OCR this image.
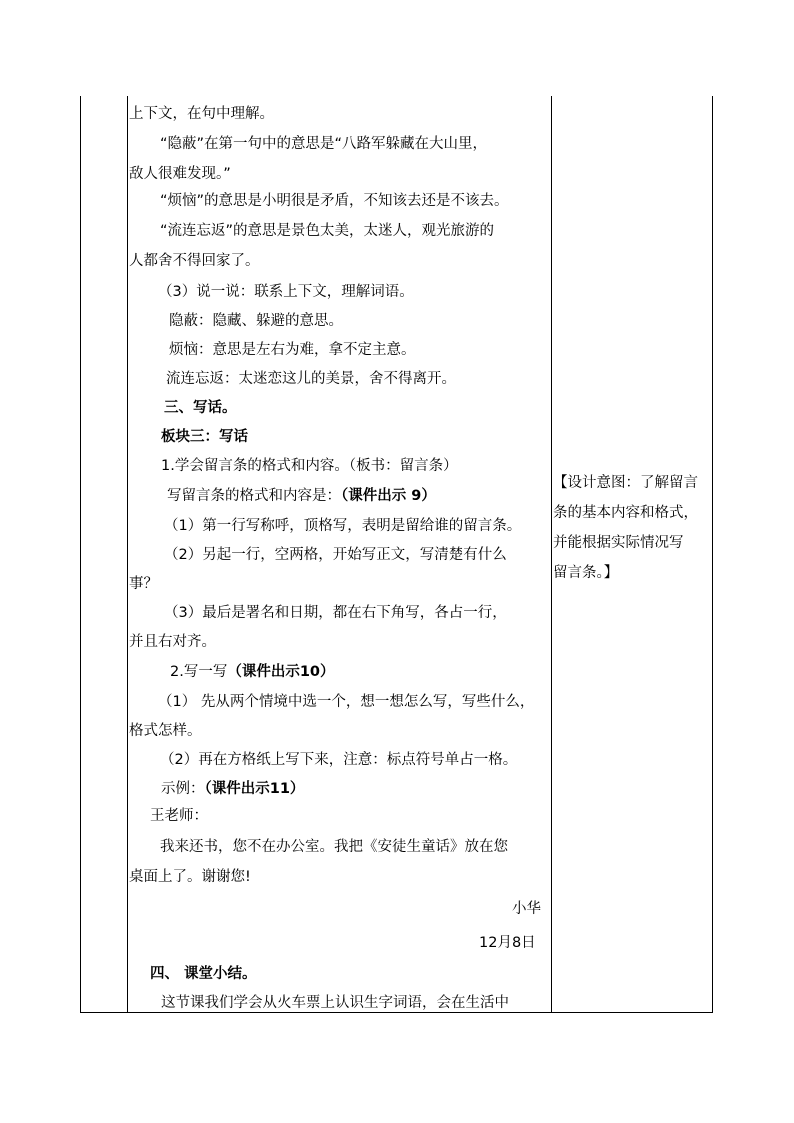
上下文，在句中理解。
“隐蔽”在第一句中的意思是“八路军躲藏在大山里，
敌人很难发现。”
“烦恼”的意思是小明很是矛盾，不知该去还是不该去。
“流连忘返”的意思是景色太美，太迷人，观光旅游的
人都舍不得回家了。
（3）说一说：联系上下文，理解词语。
隐蔽：隐藏、躲避的意思。
烦恼：意思是左右为难，拿不定主意。
流连忘返：太迷恋这儿的美景，舍不得离开。
三、写话。
板块三：写话
1.学会留言条的格式和内容。（板书：留言条）
写留言条的格式和内容是：（课件出示 9）
（1）第一行写称呼，顶格写，表明是留给谁的留言条。
（2）另起一行，空两格，开始写正文，写清楚有什么
事？
（3）最后是署名和日期，都在右下角写，各占一行，
并且右对齐。
2.写一写（课件出示10）
（1） 先从两个情境中选一个，想一想怎么写，写些什么，
格式怎样。
（2）再在方格纸上写下来，注意：标点符号单占一格。
示例：（课件出示11）
王老师：
我来还书，您不在办公室。我把《安徒生童话》放在您
桌面上了。谢谢您!
小华
12月8日
四、 课堂小结。
这节课我们学会从火车票上认识生字词语，会在生活中
【设计意图：了解留言
条的基本内容和格式，
并能根据实际情况写
留言条。】
